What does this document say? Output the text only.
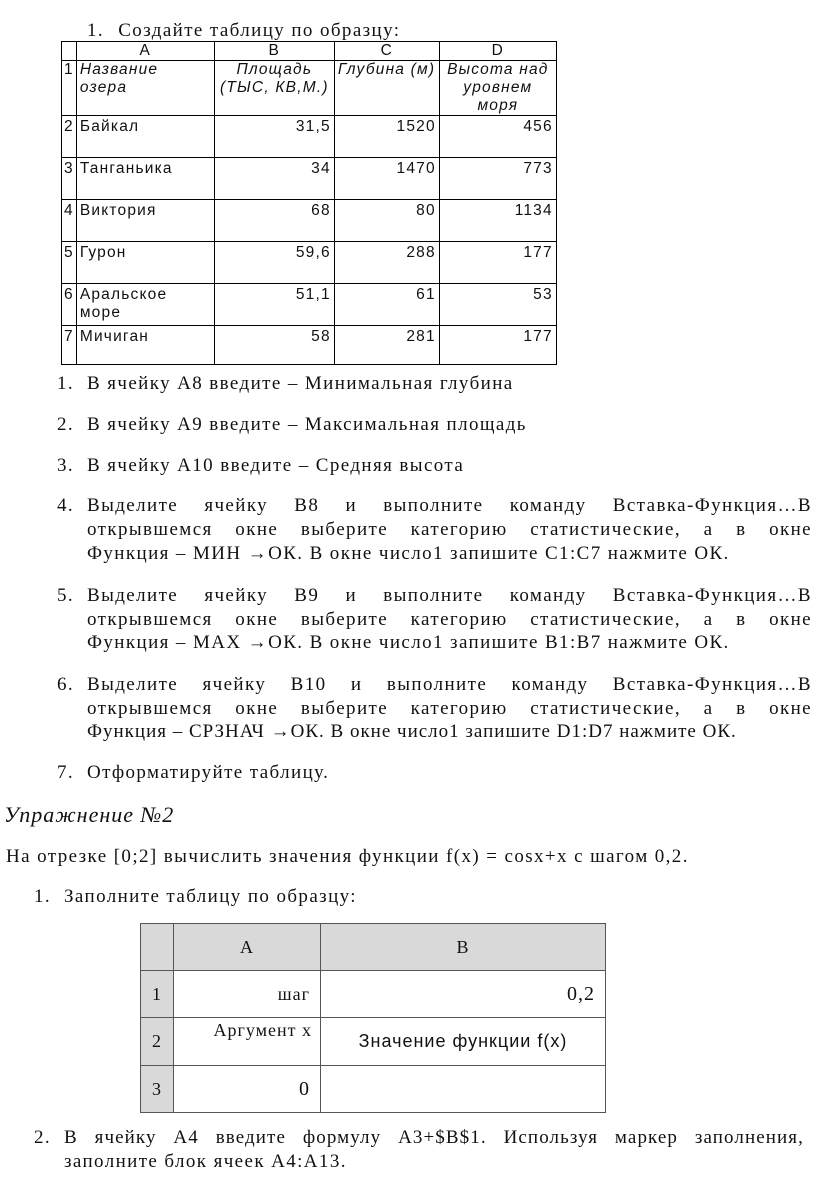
1. Создайте таблицу по образцу:
	A	B	C	D
1	Название озера	Площадь (ТЫС, КВ,М.)	Глубина (м)	Высота над уровнем моря
2	Байкал	31,5	1520	456
3	Танганьика	34	1470	773
4	Виктория	68	80	1134
5	Гурон	59,6	288	177
6	Аральское море	51,1	61	53
7	Мичиган	58	281	177
1. В ячейку А8 введите – Минимальная глубина
2. В ячейку А9 введите – Максимальная площадь
3. В ячейку А10 введите – Средняя высота
4. Выделите ячейку В8 и выполните команду Вставка-Функция…В
открывшемся окне выберите категорию статистические, а в окне
Функция – МИН →ОК. В окне число1 запишите С1:С7 нажмите ОК.
5. Выделите ячейку В9 и выполните команду Вставка-Функция…В
открывшемся окне выберите категорию статистические, а в окне
Функция – МАХ →ОК. В окне число1 запишите В1:В7 нажмите ОК.
6. Выделите ячейку В10 и выполните команду Вставка-Функция…В
открывшемся окне выберите категорию статистические, а в окне
Функция – СРЗНАЧ →ОК. В окне число1 запишите D1:D7 нажмите ОК.
7. Отформатируйте таблицу.
Упражнение №2
На отрезке [0;2] вычислить значения функции f(x) = cosx+x с шагом 0,2.
1. Заполните таблицу по образцу:
	A	B
1	шаг	0,2
2	Аргумент x	Значение функции f(x)
3	0	
2. В ячейку А4 введите формулу А3+$B$1. Используя маркер заполнения,
заполните блок ячеек А4:А13.
